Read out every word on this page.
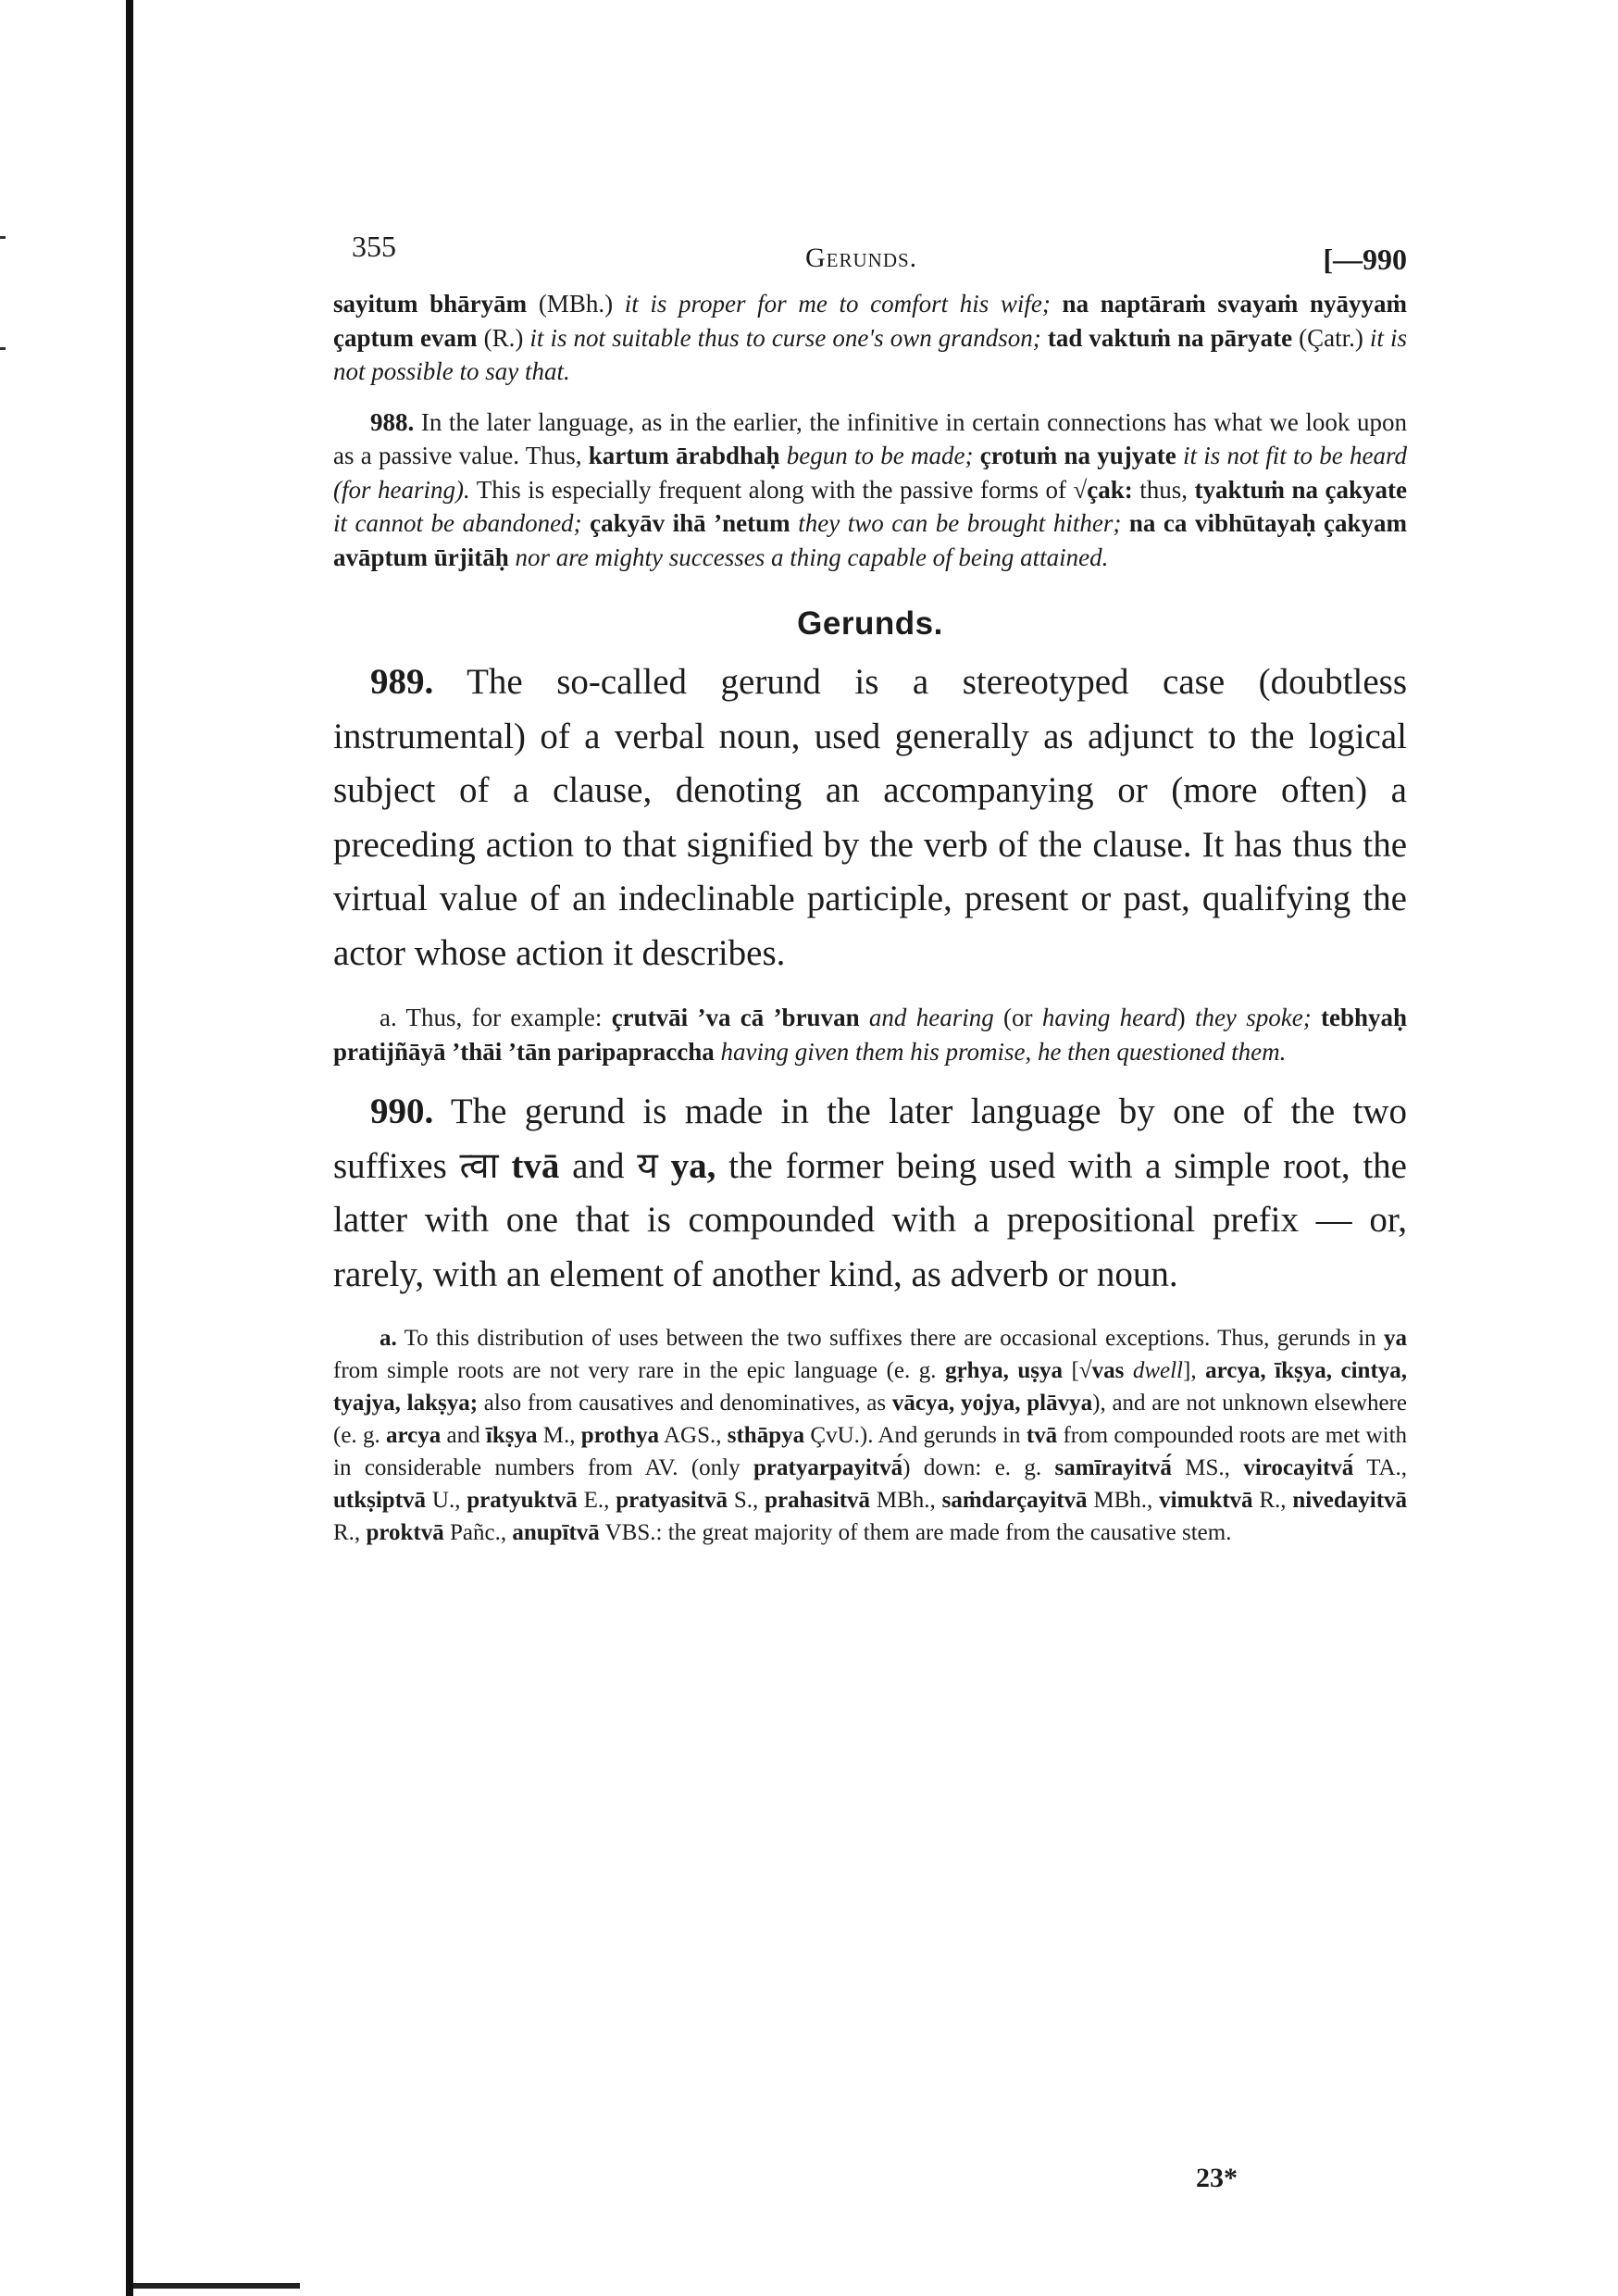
355	Gerunds.	[—990

sayitum bhāryām (MBh.) it is proper for me to comfort his wife; na naptāraṁ svayaṁ nyāyyaṁ çaptum evam (R.) it is not suitable thus to curse one's own grandson; tad vaktuṁ na pāryate (Çatr.) it is not possible to say that.

988. In the later language, as in the earlier, the infinitive in certain connections has what we look upon as a passive value. Thus, kartum ārabdhaḥ begun to be made; çrotuṁ na yujyate it is not fit to be heard (for hearing). This is especially frequent along with the passive forms of √çak: thus, tyaktuṁ na çakyate it cannot be abandoned; çakyāv ihā ’netum they two can be brought hither; na ca vibhūtayaḥ çakyam avāptum ūrjitāḥ nor are mighty successes a thing capable of being attained.

Gerunds.

989. The so-called gerund is a stereotyped case (doubtless instrumental) of a verbal noun, used generally as adjunct to the logical subject of a clause, denoting an accompanying or (more often) a preceding action to that signified by the verb of the clause. It has thus the virtual value of an indeclinable participle, present or past, qualifying the actor whose action it describes.

a. Thus, for example: çrutvāi ’va cā ’bruvan and hearing (or having heard) they spoke; tebhyaḥ pratijñāyā ’thāi ’tān paripapraccha having given them his promise, he then questioned them.

990. The gerund is made in the later language by one of the two suffixes त्वा tvā and य ya, the former being used with a simple root, the latter with one that is compounded with a prepositional prefix — or, rarely, with an element of another kind, as adverb or noun.

a. To this distribution of uses between the two suffixes there are occasional exceptions. Thus, gerunds in ya from simple roots are not very rare in the epic language (e. g. gṛhya, uṣya [√vas dwell], arcya, īkṣya, cintya, tyajya, lakṣya; also from causatives and denominatives, as vācya, yojya, plāvya), and are not unknown elsewhere (e. g. arcya and īkṣya M., prothya AGS., sthāpya ÇvU.). And gerunds in tvā from compounded roots are met with in considerable numbers from AV. (only pratyarpayitvā́) down: e. g. samīrayitvā́ MS., virocayitvā́ TA., utkṣiptvā U., pratyuktvā E., pratyasitvā S., prahasitvā MBh., saṁdarçayitvā MBh., vimuktvā R., nivedayitvā R., proktvā Pañc., anupītvā VBS.: the great majority of them are made from the causative stem.

23*
